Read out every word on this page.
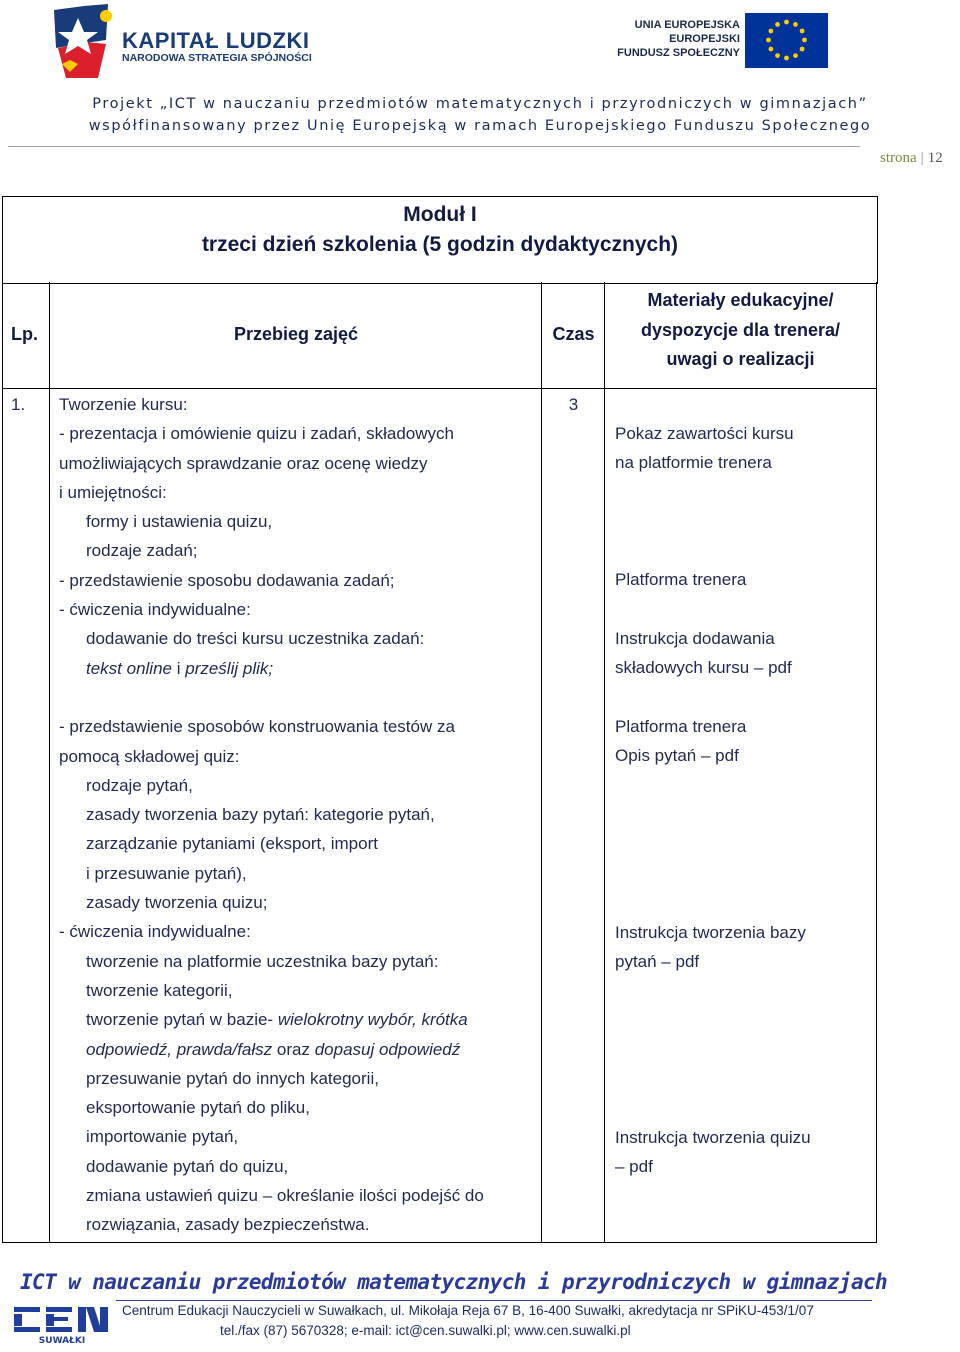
KAPITAŁ LUDZKI
NARODOWA STRATEGIA SPÓJNOŚCI
UNIA EUROPEJSKA
EUROPEJSKI
FUNDUSZ SPOŁECZNY
Projekt „ICT w nauczaniu przedmiotów matematycznych i przyrodniczych w gimnazjach”
współfinansowany przez Unię Europejską w ramach Europejskiego Funduszu Społecznego
strona | 12
Moduł I
trzeci dzień szkolenia (5 godzin dydaktycznych)
Lp.	Przebieg zajęć	Czas
Materiały edukacyjne/
dyspozycje dla trenera/
uwagi o realizacji
1. Tworzenie kursu:
- prezentacja i omówienie quizu i zadań, składowych
umożliwiających sprawdzanie oraz ocenę wiedzy
i umiejętności:
formy i ustawienia quizu,
rodzaje zadań;
- przedstawienie sposobu dodawania zadań;
- ćwiczenia indywidualne:
dodawanie do treści kursu uczestnika zadań:
tekst online i prześlij plik;
- przedstawienie sposobów konstruowania testów za
pomocą składowej quiz:
rodzaje pytań,
zasady tworzenia bazy pytań: kategorie pytań,
zarządzanie pytaniami (eksport, import
i przesuwanie pytań),
zasady tworzenia quizu;
- ćwiczenia indywidualne:
tworzenie na platformie uczestnika bazy pytań:
tworzenie kategorii,
tworzenie pytań w bazie- wielokrotny wybór, krótka
odpowiedź, prawda/fałsz oraz dopasuj odpowiedź
przesuwanie pytań do innych kategorii,
eksportowanie pytań do pliku,
importowanie pytań,
dodawanie pytań do quizu,
zmiana ustawień quizu – określanie ilości podejść do
rozwiązania, zasady bezpieczeństwa.
3
Pokaz zawartości kursu
na platformie trenera
Platforma trenera
Instrukcja dodawania
składowych kursu – pdf
Platforma trenera
Opis pytań – pdf
Instrukcja tworzenia bazy
pytań – pdf
Instrukcja tworzenia quizu
– pdf
ICT w nauczaniu przedmiotów matematycznych i przyrodniczych w gimnazjach
SUWAŁKI
Centrum Edukacji Nauczycieli w Suwałkach, ul. Mikołaja Reja 67 B, 16-400 Suwałki, akredytacja nr SPiKU-453/1/07
tel./fax (87) 5670328; e-mail: ict@cen.suwalki.pl; www.cen.suwalki.pl
